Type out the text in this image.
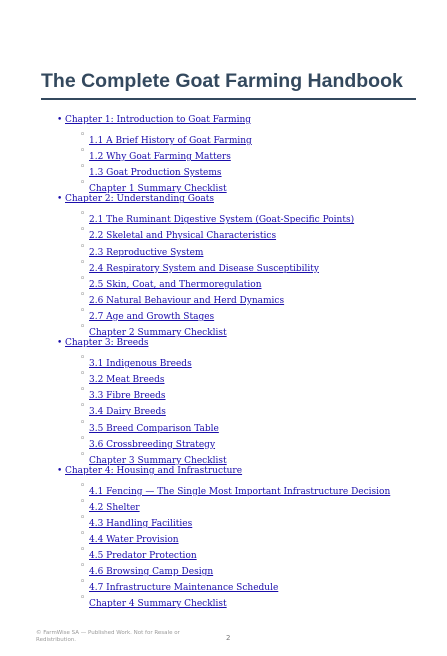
The Complete Goat Farming Handbook
• Chapter 1: Introduction to Goat Farming
◦
1.1 A Brief History of Goat Farming
◦
1.2 Why Goat Farming Matters
◦
1.3 Goat Production Systems
◦
Chapter 1 Summary Checklist
• Chapter 2: Understanding Goats
◦
2.1 The Ruminant Digestive System (Goat-Specific Points)
◦
2.2 Skeletal and Physical Characteristics
◦
2.3 Reproductive System
◦
2.4 Respiratory System and Disease Susceptibility
◦
2.5 Skin, Coat, and Thermoregulation
◦
2.6 Natural Behaviour and Herd Dynamics
◦
2.7 Age and Growth Stages
◦
Chapter 2 Summary Checklist
• Chapter 3: Breeds
◦
3.1 Indigenous Breeds
◦
3.2 Meat Breeds
◦
3.3 Fibre Breeds
◦
3.4 Dairy Breeds
◦
3.5 Breed Comparison Table
◦
3.6 Crossbreeding Strategy
◦
Chapter 3 Summary Checklist
• Chapter 4: Housing and Infrastructure
◦
4.1 Fencing — The Single Most Important Infrastructure Decision
◦
4.2 Shelter
◦
4.3 Handling Facilities
◦
4.4 Water Provision
◦
4.5 Predator Protection
◦
4.6 Browsing Camp Design
◦
4.7 Infrastructure Maintenance Schedule
◦
Chapter 4 Summary Checklist
© FarmWise SA — Published Work. Not for Resale or Redistribution.	2
